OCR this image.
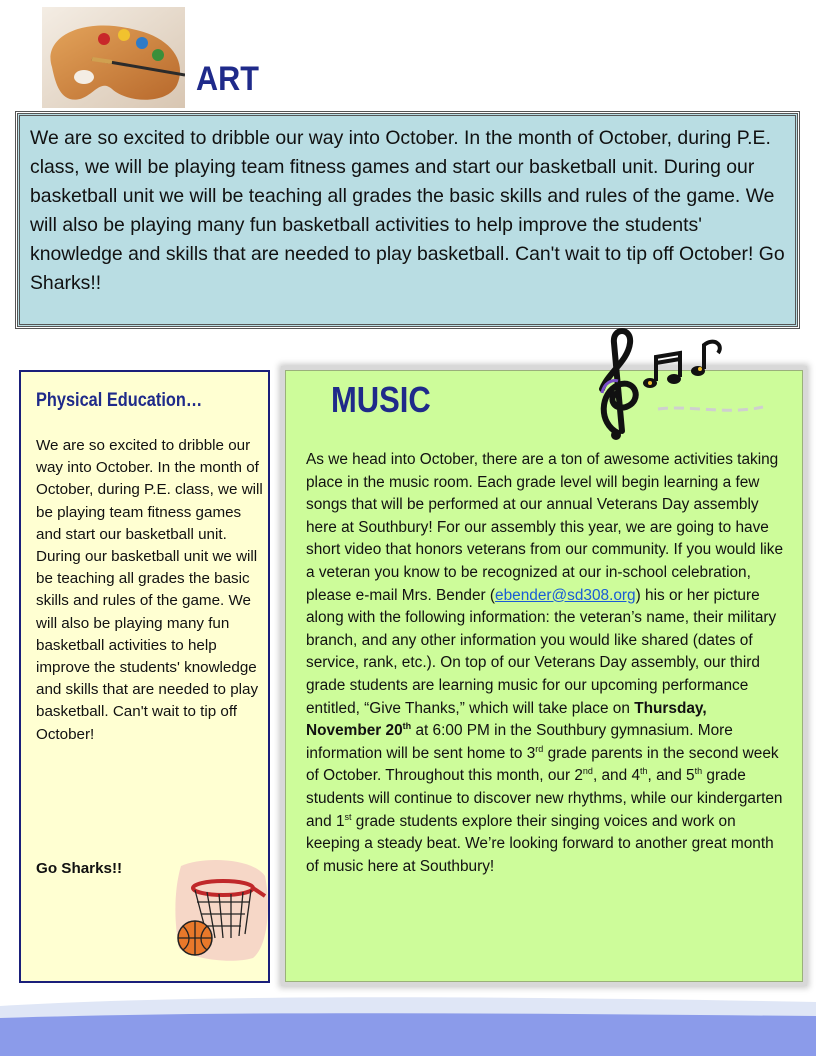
ART

We are so excited to dribble our way into October. In the month of October, during P.E. class, we will be playing team fitness games and start our basketball unit. During our basketball unit we will be teaching all grades the basic skills and rules of the game. We will also be playing many fun basketball activities to help improve the students' knowledge and skills that are needed to play basketball. Can't wait to tip off October! Go Sharks!!

Physical Education…

We are so excited to dribble our way into October. In the month of October, during P.E. class, we will be playing team fitness games and start our basketball unit. During our basketball unit we will be teaching all grades the basic skills and rules of the game. We will also be playing many fun basketball activities to help improve the students' knowledge and skills that are needed to play basketball. Can't wait to tip off October!

Go Sharks!!
MUSIC

As we head into October, there are a ton of awesome activities taking place in the music room. Each grade level will begin learning a few songs that will be performed at our annual Veterans Day assembly here at Southbury! For our assembly this year, we are going to have short video that honors veterans from our community. If you would like a veteran you know to be recognized at our in-school celebration, please e-mail Mrs. Bender (ebender@sd308.org) his or her picture along with the following information: the veteran’s name, their military branch, and any other information you would like shared (dates of service, rank, etc.). On top of our Veterans Day assembly, our third grade students are learning music for our upcoming performance entitled, “Give Thanks,” which will take place on Thursday, November 20th at 6:00 PM in the Southbury gymnasium. More information will be sent home to 3rd grade parents in the second week of October. Throughout this month, our 2nd, and 4th, and 5th grade students will continue to discover new rhythms, while our kindergarten and 1st grade students explore their singing voices and work on keeping a steady beat. We’re looking forward to another great month of music here at Southbury!
